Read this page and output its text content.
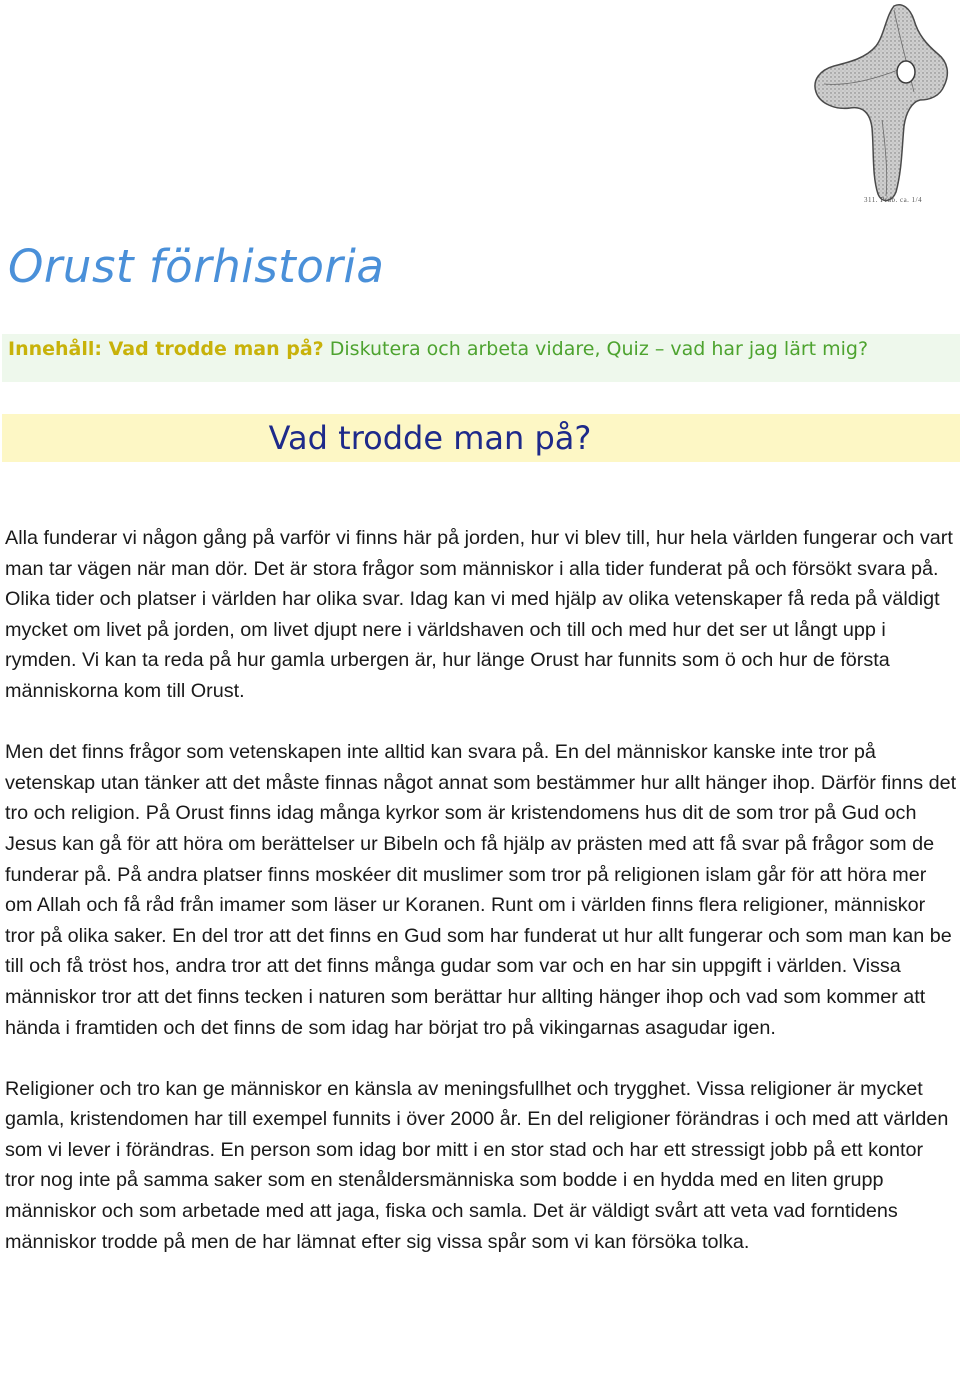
311. Prdb. ca. 1/4
Orust förhistoria

Innehåll: Vad trodde man på? Diskutera och arbeta vidare, Quiz – vad har jag lärt mig?

Vad trodde man på?

Alla funderar vi någon gång på varför vi finns här på jorden, hur vi blev till, hur hela världen fungerar och vart man tar vägen när man dör. Det är stora frågor som människor i alla tider funderat på och försökt svara på. Olika tider och platser i världen har olika svar. Idag kan vi med hjälp av olika vetenskaper få reda på väldigt mycket om livet på jorden, om livet djupt nere i världshaven och till och med hur det ser ut långt upp i rymden. Vi kan ta reda på hur gamla urbergen är, hur länge Orust har funnits som ö och hur de första människorna kom till Orust.

Men det finns frågor som vetenskapen inte alltid kan svara på. En del människor kanske inte tror på vetenskap utan tänker att det måste finnas något annat som bestämmer hur allt hänger ihop. Därför finns det tro och religion. På Orust finns idag många kyrkor som är kristendomens hus dit de som tror på Gud och Jesus kan gå för att höra om berättelser ur Bibeln och få hjälp av prästen med att få svar på frågor som de funderar på. På andra platser finns moskéer dit muslimer som tror på religionen islam går för att höra mer om Allah och få råd från imamer som läser ur Koranen. Runt om i världen finns flera religioner, människor tror på olika saker. En del tror att det finns en Gud som har funderat ut hur allt fungerar och som man kan be till och få tröst hos, andra tror att det finns många gudar som var och en har sin uppgift i världen. Vissa människor tror att det finns tecken i naturen som berättar hur allting hänger ihop och vad som kommer att hända i framtiden och det finns de som idag har börjat tro på vikingarnas asagudar igen.

Religioner och tro kan ge människor en känsla av meningsfullhet och trygghet. Vissa religioner är mycket gamla, kristendomen har till exempel funnits i över 2000 år. En del religioner förändras i och med att världen som vi lever i förändras. En person som idag bor mitt i en stor stad och har ett stressigt jobb på ett kontor tror nog inte på samma saker som en stenåldersmänniska som bodde i en hydda med en liten grupp människor och som arbetade med att jaga, fiska och samla. Det är väldigt svårt att veta vad forntidens människor trodde på men de har lämnat efter sig vissa spår som vi kan försöka tolka.
